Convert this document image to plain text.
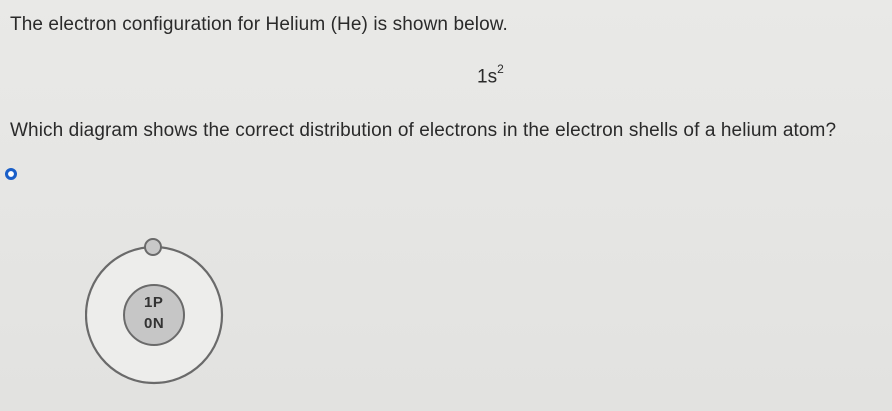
The electron configuration for Helium (He) is shown below.
$1s^2$
Which diagram shows the correct distribution of electrons in the electron shells of a helium atom?
1P
0N
